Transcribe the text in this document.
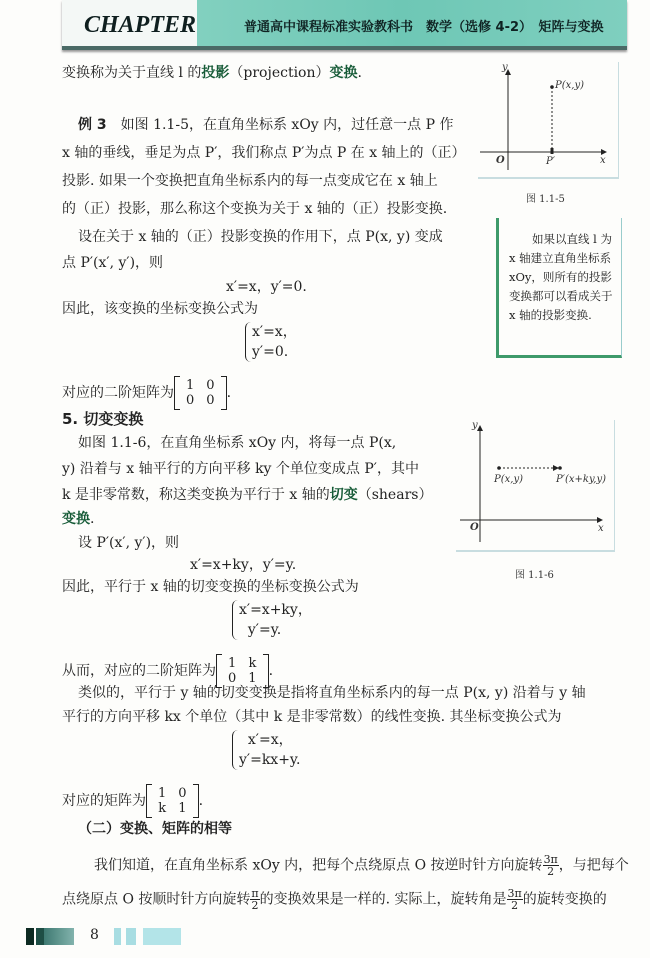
CHAPTER	普通高中课程标准实验教科书　数学（选修 4-2）　矩阵与变换
变换称为关于直线 l 的投影（projection）变换.
例 3　 如图 1.1-5，在直角坐标系 xOy 内，过任意一点 P 作
x 轴的垂线，垂足为点 P′，我们称点 P′为点 P 在 x 轴上的（正）
投影. 如果一个变换把直角坐标系内的每一点变成它在 x 轴上
的（正）投影，那么称这个变换为关于 x 轴的（正）投影变换.
设在关于 x 轴的（正）投影变换的作用下，点 P(x, y) 变成
点 P′(x′, y′)，则
x′=x，y′=0.
因此，该变换的坐标变换公式为
x′=x，
y′=0.
对应的二阶矩阵为 1	0
0	0 .
5. 切变变换
如图 1.1-6，在直角坐标系 xOy 内，将每一点 P(x,
y) 沿着与 x 轴平行的方向平移 ky 个单位变成点 P′，其中
k 是非零常数，称这类变换为平行于 x 轴的切变（shears）
变换.
设 P′(x′, y′)，则
x′=x+ky，y′=y.
因此，平行于 x 轴的切变变换的坐标变换公式为
x′=x+ky，
y′=y.
从而，对应的二阶矩阵为 1	k
0	1 .
类似的，平行于 y 轴的切变变换是指将直角坐标系内的每一点 P(x, y) 沿着与 y 轴
平行的方向平移 kx 个单位（其中 k 是非零常数）的线性变换. 其坐标变换公式为
x′=x，
y′=kx+y.
对应的矩阵为 1	0
k	1 .
（二）变换、矩阵的相等
我们知道，在直角坐标系 xOy 内，把每个点绕原点 O 按逆时针方向旋转 $\frac{3\pi}{2}$ ，与把每个
点绕原点 O 按顺时针方向旋转 $\frac{\pi}{2}$ 的变换效果是一样的. 实际上，旋转角是 $\frac{3\pi}{2}$ 的旋转变换的
y
P(x,y)
O	P′	x
图 1.1-5
　　如果以直线 l 为 x 轴建立直角坐标系 xOy，则所有的投影变换都可以看成关于 x 轴的投影变换.
y
P(x,y)	P′(x+ky,y)
O	x
图 1.1-6
8
